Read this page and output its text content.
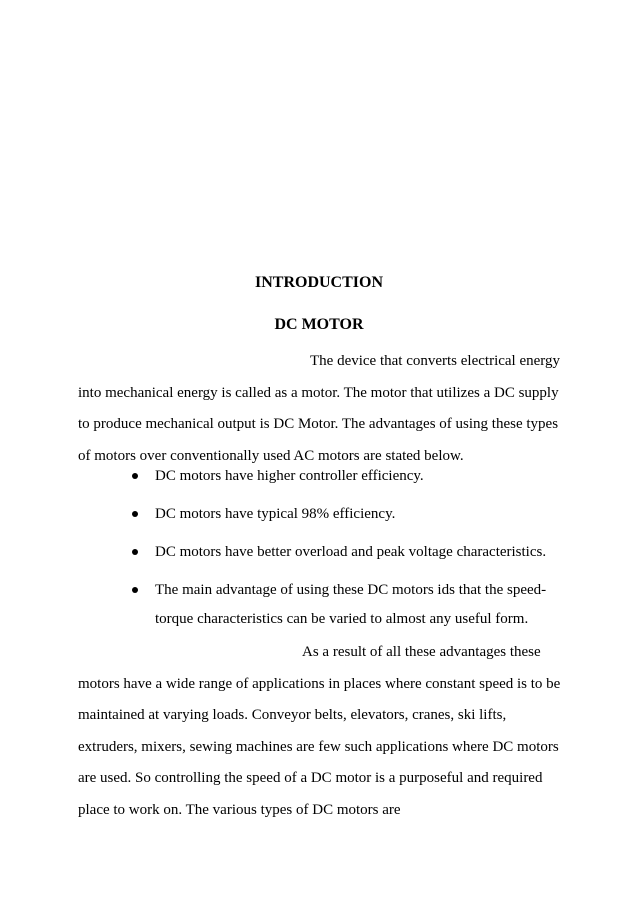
INTRODUCTION
DC MOTOR

The device that converts electrical energy
into mechanical energy is called as a motor. The motor that utilizes a DC supply
to produce mechanical output is DC Motor. The advantages of using these types
of motors over conventionally used AC motors are stated below.

DC motors have higher controller efficiency.
DC motors have typical 98% efficiency.
DC motors have better overload and peak voltage characteristics.
The main advantage of using these DC motors ids that the speed-
torque characteristics can be varied to almost any useful form.

As a result of all these advantages these
motors have a wide range of applications in places where constant speed is to be
maintained at varying loads. Conveyor belts, elevators, cranes, ski lifts,
extruders, mixers, sewing machines are few such applications where DC motors
are used. So controlling the speed of a DC motor is a purposeful and required
place to work on. The various types of DC motors are
